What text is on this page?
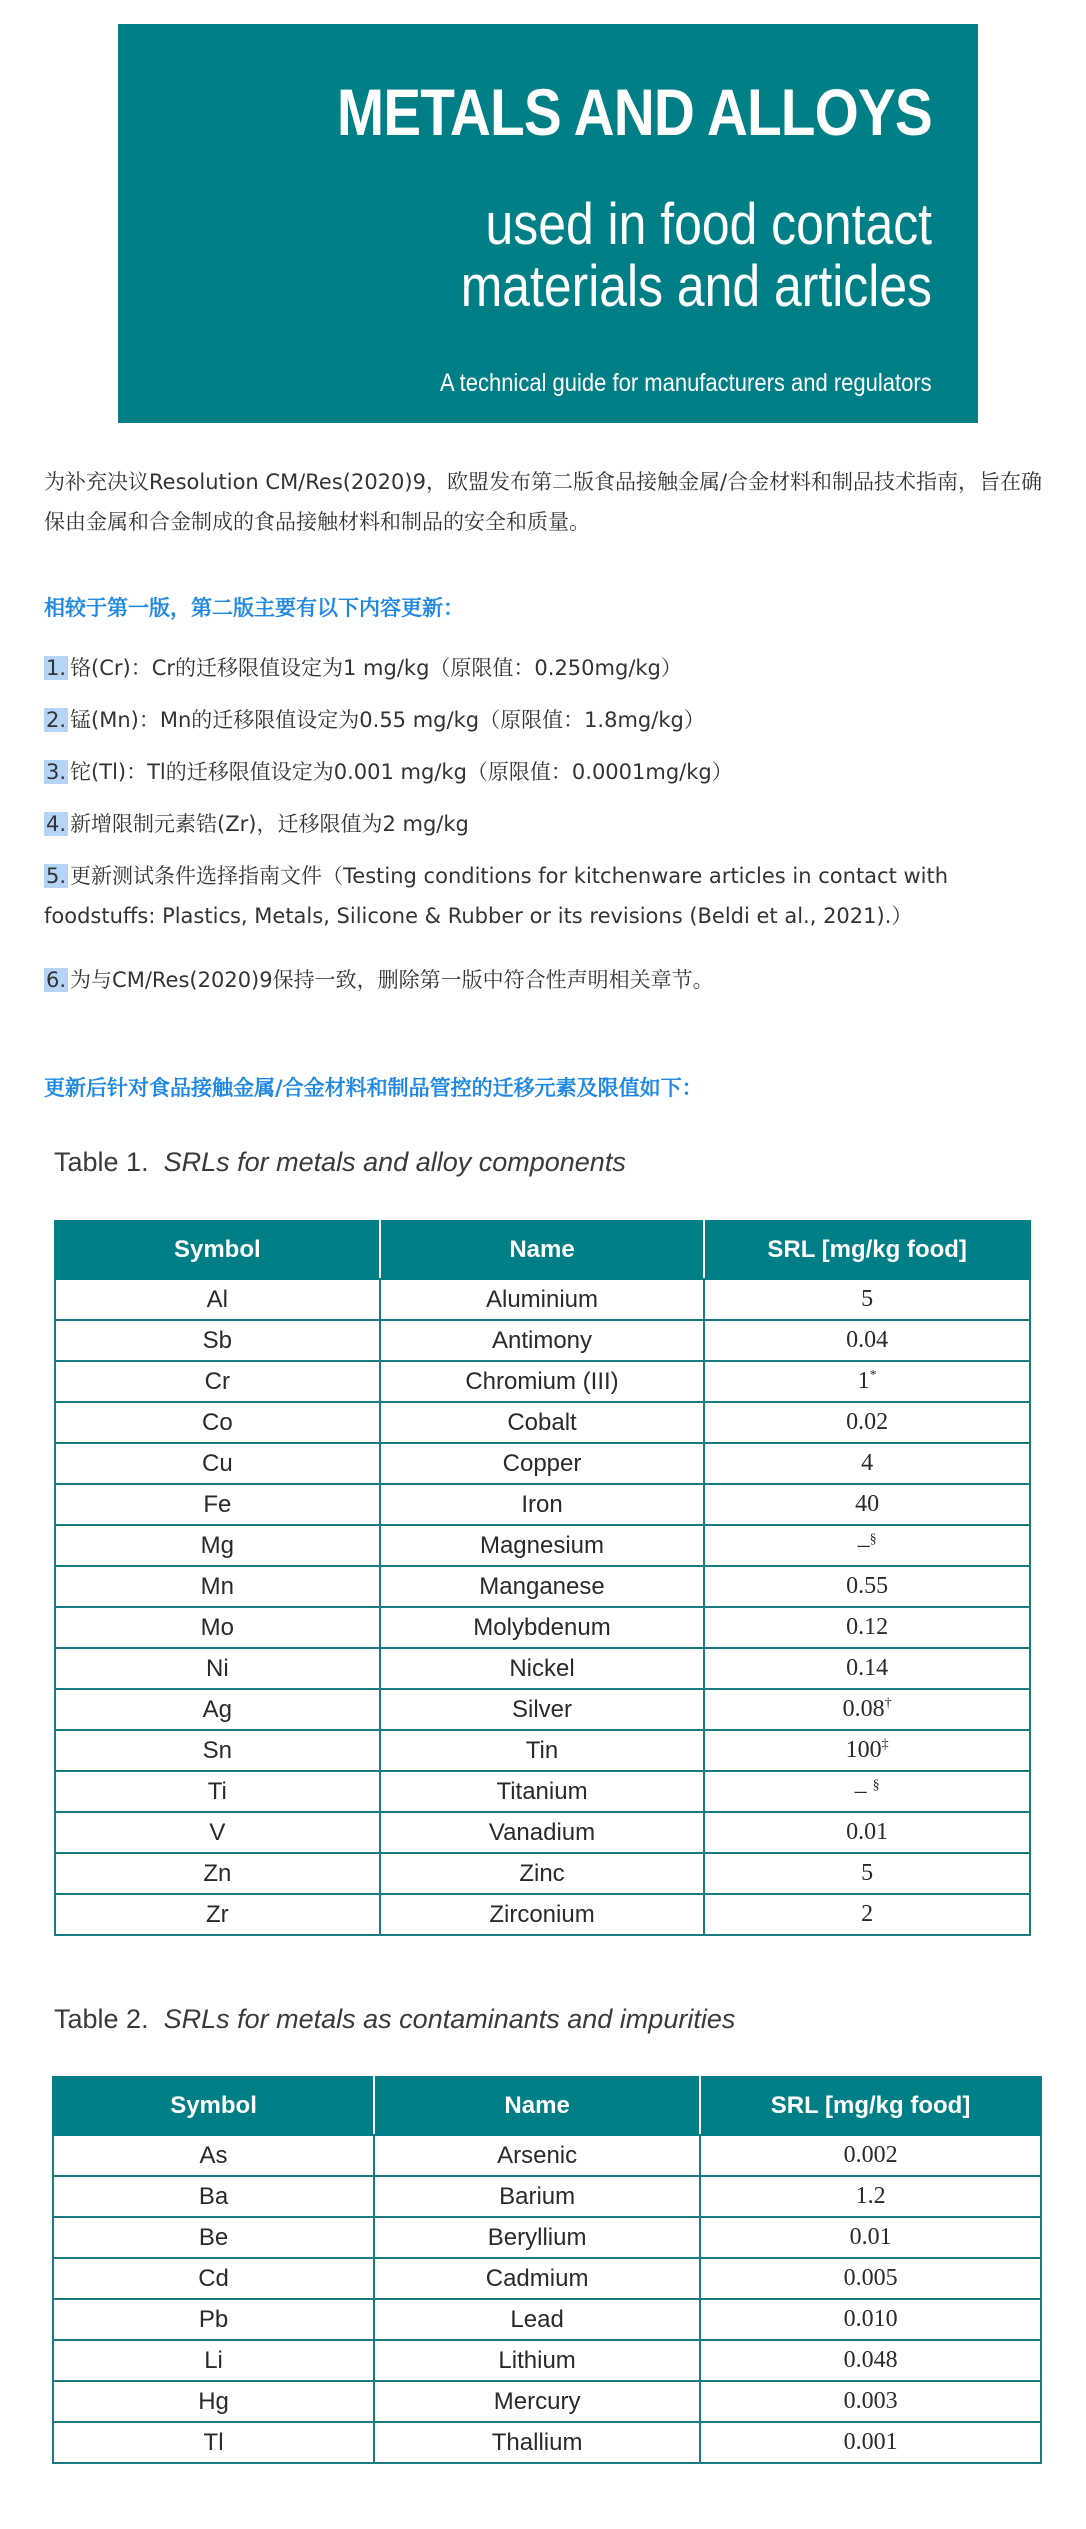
METALS AND ALLOYS
used in food contact
materials and articles
A technical guide for manufacturers and regulators
为补充决议Resolution CM/Res(2020)9，欧盟发布第二版食品接触金属/合金材料和制品技术指南，旨在确保由金属和合金制成的食品接触材料和制品的安全和质量。
相较于第一版，第二版主要有以下内容更新：
1. 铬(Cr)：Cr的迁移限值设定为1 mg/kg（原限值：0.250mg/kg）
2. 锰(Mn)：Mn的迁移限值设定为0.55 mg/kg（原限值：1.8mg/kg）
3. 铊(Tl)：Tl的迁移限值设定为0.001 mg/kg（原限值：0.0001mg/kg）
4. 新增限制元素锆(Zr)，迁移限值为2 mg/kg
5. 更新测试条件选择指南文件（Testing conditions for kitchenware articles in contact with foodstuffs: Plastics, Metals, Silicone & Rubber or its revisions (Beldi et al., 2021).）
6. 为与CM/Res(2020)9保持一致，删除第一版中符合性声明相关章节。
更新后针对食品接触金属/合金材料和制品管控的迁移元素及限值如下：
Table 1. SRLs for metals and alloy components
Symbol	Name	SRL [mg/kg food]
Al	Aluminium	5
Sb	Antimony	0.04
Cr	Chromium (III)	1*
Co	Cobalt	0.02
Cu	Copper	4
Fe	Iron	40
Mg	Magnesium	–§
Mn	Manganese	0.55
Mo	Molybdenum	0.12
Ni	Nickel	0.14
Ag	Silver	0.08†
Sn	Tin	100‡
Ti	Titanium	– §
V	Vanadium	0.01
Zn	Zinc	5
Zr	Zirconium	2
Table 2. SRLs for metals as contaminants and impurities
Symbol	Name	SRL [mg/kg food]
As	Arsenic	0.002
Ba	Barium	1.2
Be	Beryllium	0.01
Cd	Cadmium	0.005
Pb	Lead	0.010
Li	Lithium	0.048
Hg	Mercury	0.003
Tl	Thallium	0.001
